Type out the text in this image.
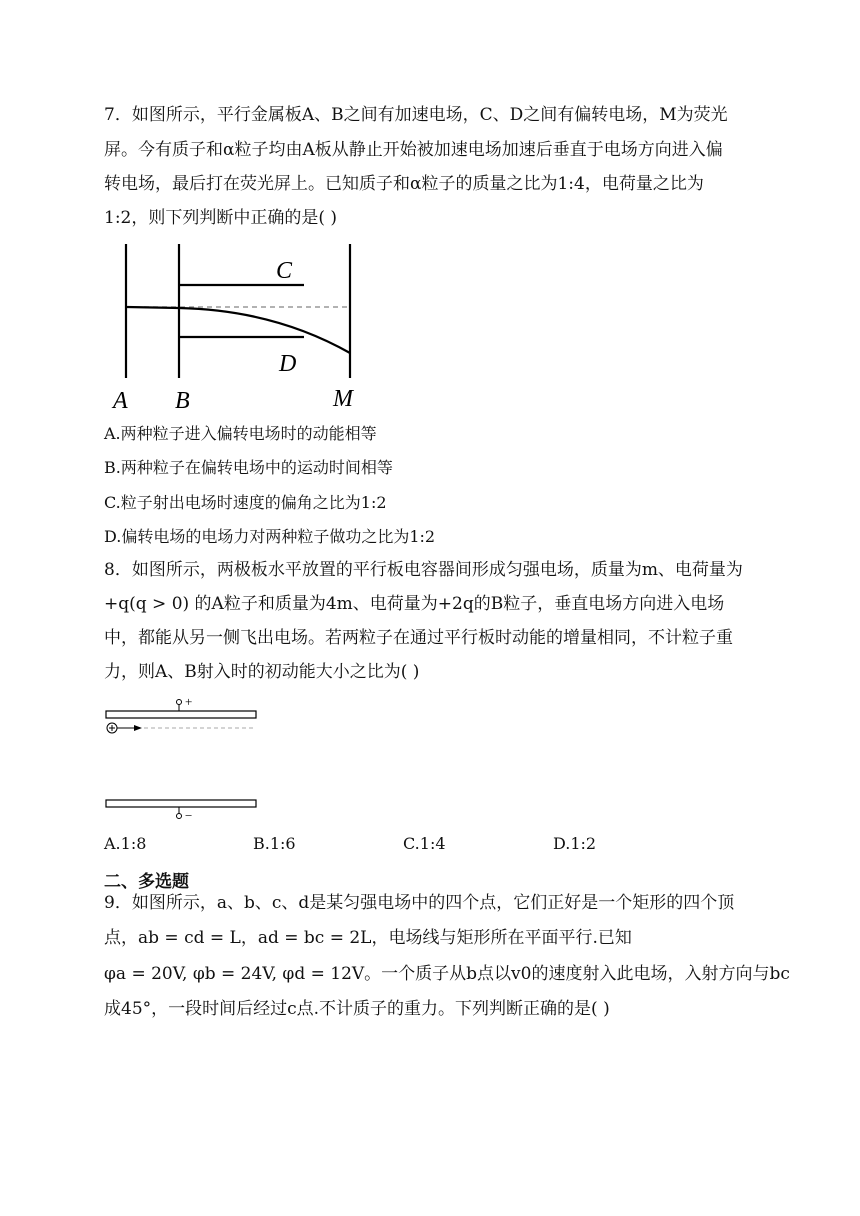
7．如图所示，平行金属板A、B之间有加速电场，C、D之间有偏转电场，M为荧光
屏。今有质子和α粒子均由A板从静止开始被加速电场加速后垂直于电场方向进入偏
转电场，最后打在荧光屏上。已知质子和α粒子的质量之比为1:4，电荷量之比为
1:2，则下列判断中正确的是( )
C
D
A B	M
A.两种粒子进入偏转电场时的动能相等
B.两种粒子在偏转电场中的运动时间相等
C.粒子射出电场时速度的偏角之比为1:2
D.偏转电场的电场力对两种粒子做功之比为1:2
8．如图所示，两极板水平放置的平行板电容器间形成匀强电场，质量为m、电荷量为
+q(q > 0) 的A粒子和质量为4m、电荷量为+2q的B粒子，垂直电场方向进入电场
中，都能从另一侧飞出电场。若两粒子在通过平行板时动能的增量相同，不计粒子重
力，则A、B射入时的初动能大小之比为( )
+
−
A.1:8	B.1:6	C.1:4	D.1:2
二、多选题
9．如图所示，a、b、c、d是某匀强电场中的四个点，它们正好是一个矩形的四个顶
点，ab = cd = L，ad = bc = 2L，电场线与矩形所在平面平行.已知
φa = 20V, φb = 24V, φd = 12V。一个质子从b点以v0的速度射入此电场，入射方向与bc
成45°，一段时间后经过c点.不计质子的重力。下列判断正确的是( )
